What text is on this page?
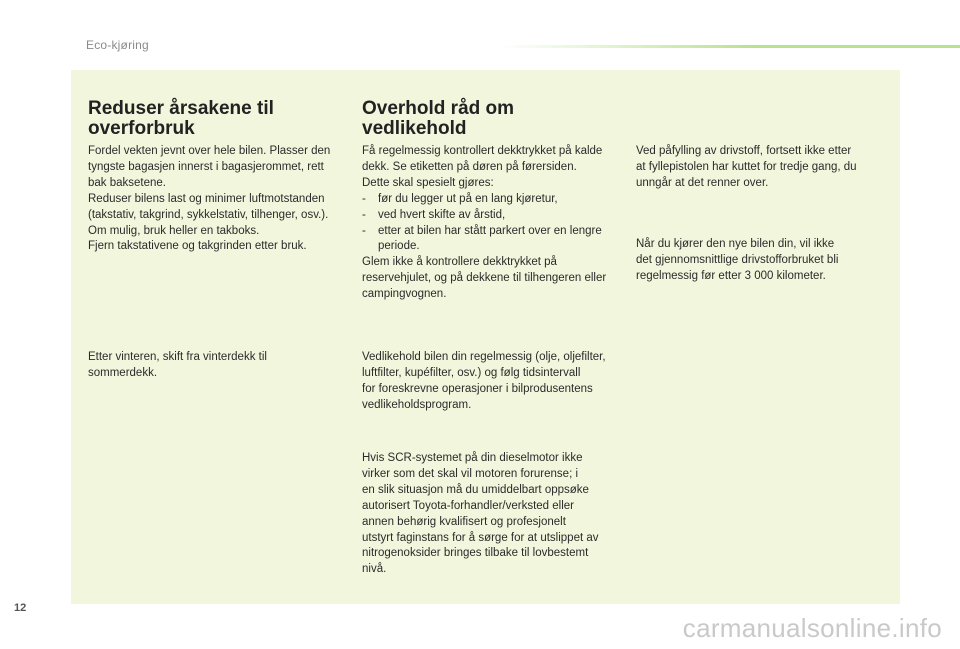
Eco-kjøring
Reduser årsakene til
overforbruk
Fordel vekten jevnt over hele bilen. Plasser den
tyngste bagasjen innerst i bagasjerommet, rett
bak baksetene.
Reduser bilens last og minimer luftmotstanden
(takstativ, takgrind, sykkelstativ, tilhenger, osv.).
Om mulig, bruk heller en takboks.
Fjern takstativene og takgrinden etter bruk.
Etter vinteren, skift fra vinterdekk til
sommerdekk.
Overhold råd om
vedlikehold
Få regelmessig kontrollert dekktrykket på kalde
dekk. Se etiketten på døren på førersiden.
Dette skal spesielt gjøres:
- før du legger ut på en lang kjøretur,
- ved hvert skifte av årstid,
- etter at bilen har stått parkert over en lengre
periode.
Glem ikke å kontrollere dekktrykket på
reservehjulet, og på dekkene til tilhengeren eller
campingvognen.
Vedlikehold bilen din regelmessig (olje, oljefilter,
luftfilter, kupéfilter, osv.) og følg tidsintervall
for foreskrevne operasjoner i bilprodusentens
vedlikeholdsprogram.
Hvis SCR-systemet på din dieselmotor ikke
virker som det skal vil motoren forurense; i
en slik situasjon må du umiddelbart oppsøke
autorisert Toyota-forhandler/verksted eller
annen behørig kvalifisert og profesjonelt
utstyrt faginstans for å sørge for at utslippet av
nitrogenoksider bringes tilbake til lovbestemt
nivå.
Ved påfylling av drivstoff, fortsett ikke etter
at fyllepistolen har kuttet for tredje gang, du
unngår at det renner over.
Når du kjører den nye bilen din, vil ikke
det gjennomsnittlige drivstofforbruket bli
regelmessig før etter 3 000 kilometer.
12
carmanualsonline.info
